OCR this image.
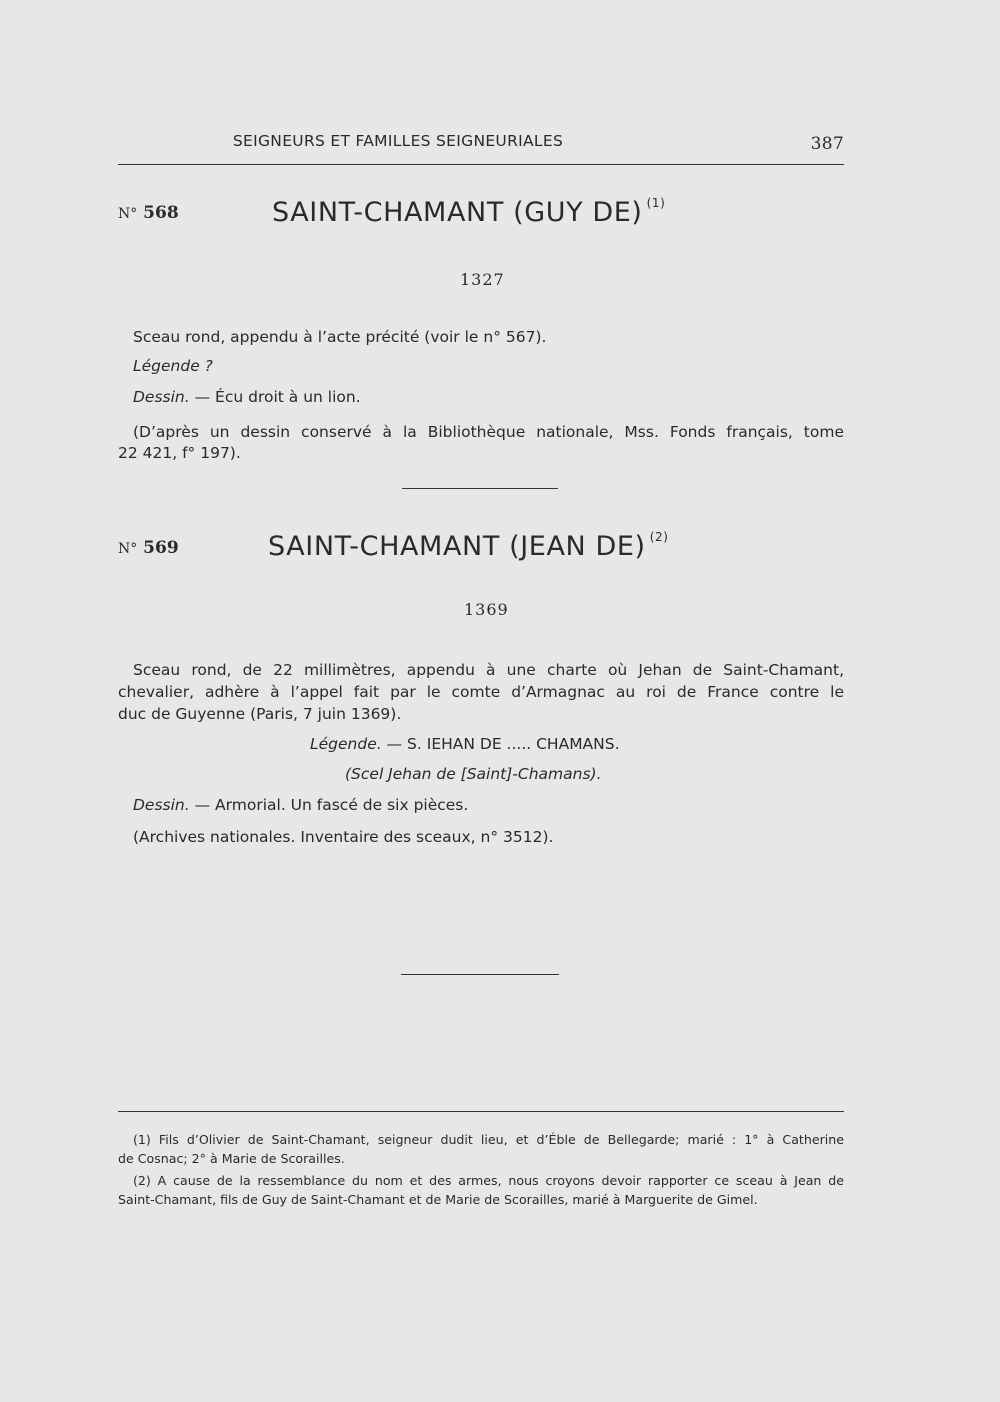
SEIGNEURS ET FAMILLES SEIGNEURIALES	387
N° 568	SAINT-CHAMANT (GUY DE) $^{(1)}$
1327
Sceau rond, appendu à l’acte précité (voir le n° 567).
Légende ?
Dessin. — Écu droit à un lion.
(D’après un dessin conservé à la Bibliothèque nationale, Mss. Fonds français, tome
22 421, f° 197).
N° 569	SAINT-CHAMANT (JEAN DE) $^{(2)}$
1369
Sceau rond, de 22 millimètres, appendu à une charte où Jehan de Saint-Chamant,
chevalier, adhère à l’appel fait par le comte d’Armagnac au roi de France contre le
duc de Guyenne (Paris, 7 juin 1369).
Légende. — S. IEHAN DE ..... CHAMANS.
(Scel Jehan de [Saint]-Chamans).
Dessin. — Armorial. Un fascé de six pièces.
(Archives nationales. Inventaire des sceaux, n° 3512).
(1) Fils d’Olivier de Saint-Chamant, seigneur dudit lieu, et d’Éble de Bellegarde; marié : 1° à Catherine
de Cosnac; 2° à Marie de Scorailles.
(2) A cause de la ressemblance du nom et des armes, nous croyons devoir rapporter ce sceau à Jean de
Saint-Chamant, fils de Guy de Saint-Chamant et de Marie de Scorailles, marié à Marguerite de Gimel.
